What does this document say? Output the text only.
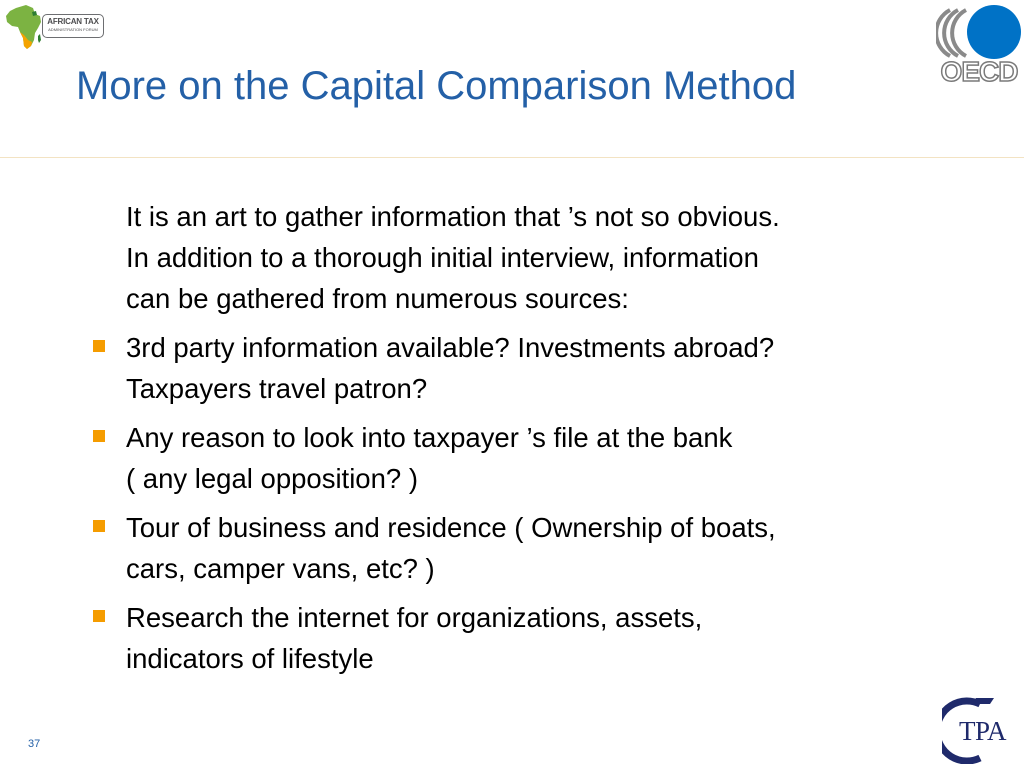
AFRICAN TAX
ADMINISTRATION FORUM
More on the Capital Comparison Method	OECD
It is an art to gather information that ’s not so obvious.
In addition to a thorough initial interview, information
can be gathered from numerous sources:
3rd party information available? Investments abroad?
Taxpayers travel patron?
Any reason to look into taxpayer ’s file at the bank
( any legal opposition? )
Tour of business and residence ( Ownership of boats,
cars, camper vans, etc? )
Research the internet for organizations, assets,
indicators of lifestyle
37	TPA
